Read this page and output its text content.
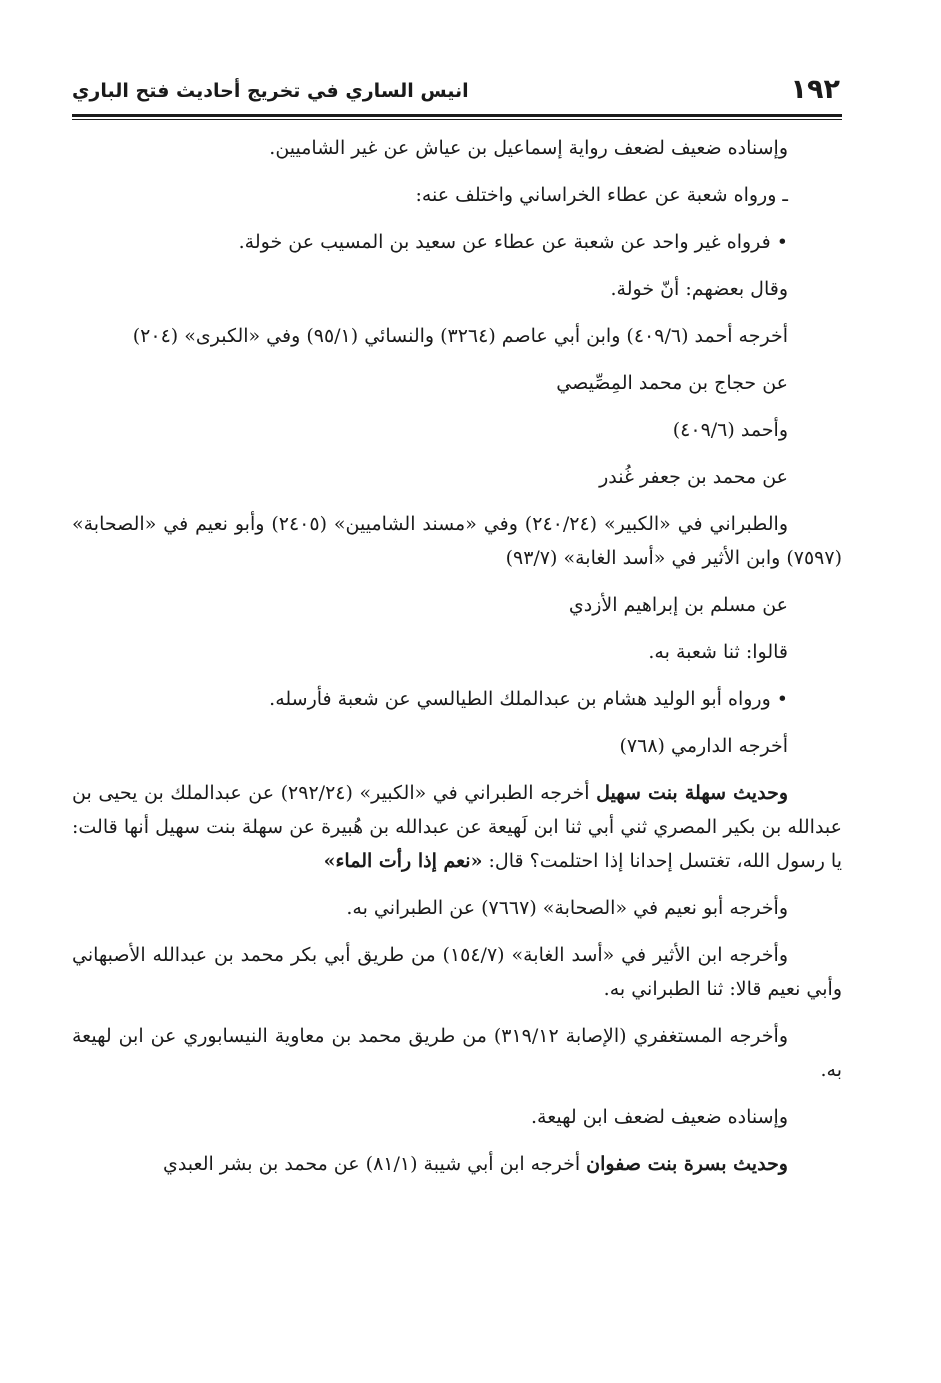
١٩٢
انيس الساري في تخريج أحاديث فتح الباري

وإسناده ضعيف لضعف رواية إسماعيل بن عياش عن غير الشاميين.

ـ ورواه شعبة عن عطاء الخراساني واختلف عنه:

• فرواه غير واحد عن شعبة عن عطاء عن سعيد بن المسيب عن خولة.

وقال بعضهم: أنّ خولة.

أخرجه أحمد (٤٠٩/٦) وابن أبي عاصم (٣٢٦٤) والنسائي (٩٥/١) وفي «الكبرى» (٢٠٤)

عن حجاج بن محمد المِصِّيصي

وأحمد (٤٠٩/٦)

عن محمد بن جعفر غُندر

والطبراني في «الكبير» (٢٤٠/٢٤) وفي «مسند الشاميين» (٢٤٠٥) وأبو نعيم في «الصحابة» (٧٥٩٧) وابن الأثير في «أسد الغابة» (٩٣/٧)

عن مسلم بن إبراهيم الأزدي

قالوا: ثنا شعبة به.

• ورواه أبو الوليد هشام بن عبدالملك الطيالسي عن شعبة فأرسله.

أخرجه الدارمي (٧٦٨)

وحديث سهلة بنت سهيل أخرجه الطبراني في «الكبير» (٢٩٢/٢٤) عن عبدالملك بن يحيى بن عبدالله بن بكير المصري ثني أبي ثنا ابن لَهيعة عن عبدالله بن هُبيرة عن سهلة بنت سهيل أنها قالت: يا رسول الله، تغتسل إحدانا إذا احتلمت؟ قال: «نعم إذا رأت الماء»

وأخرجه أبو نعيم في «الصحابة» (٧٦٦٧) عن الطبراني به.

وأخرجه ابن الأثير في «أسد الغابة» (١٥٤/٧) من طريق أبي بكر محمد بن عبدالله الأصبهاني وأبي نعيم قالا: ثنا الطبراني به.

وأخرجه المستغفري (الإصابة ٣١٩/١٢) من طريق محمد بن معاوية النيسابوري عن ابن لهيعة به.

وإسناده ضعيف لضعف ابن لهيعة.

وحديث بسرة بنت صفوان أخرجه ابن أبي شيبة (٨١/١) عن محمد بن بشر العبدي
